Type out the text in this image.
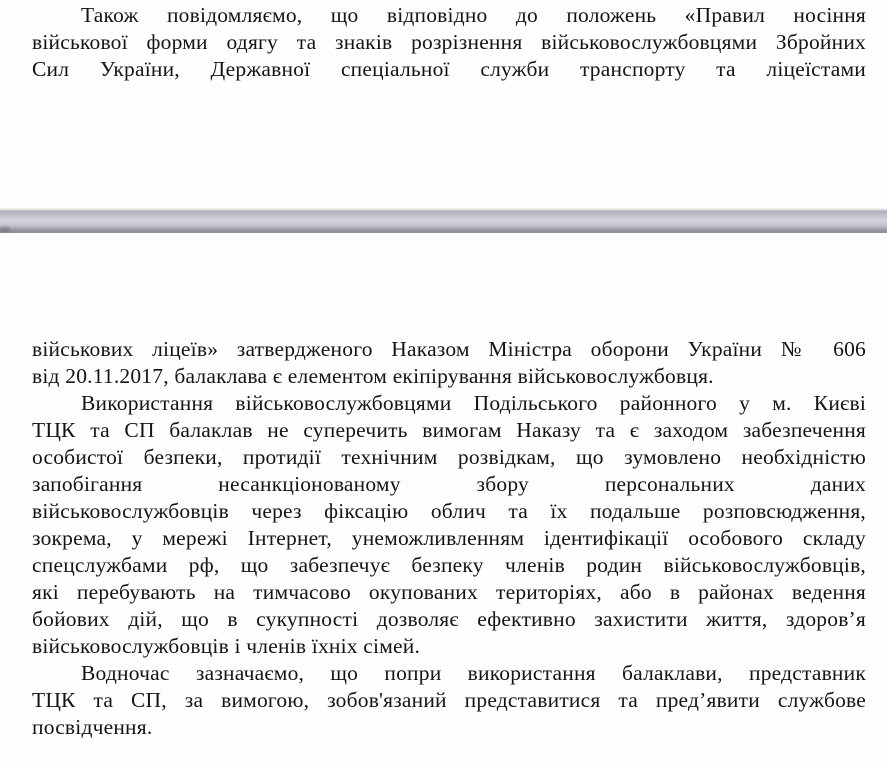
Також повідомляємо, що відповідно до положень «Правил носіння
військової форми одягу та знаків розрізнення військовослужбовцями Збройних
Сил України, Державної спеціальної служби транспорту та ліцеїстами
військових ліцеїв» затвердженого Наказом Міністра оборони України № 606
від 20.11.2017, балаклава є елементом екіпірування військовослужбовця.
Використання військовослужбовцями Подільського районного у м. Києві
ТЦК та СП балаклав не суперечить вимогам Наказу та є заходом забезпечення
особистої безпеки, протидії технічним розвідкам, що зумовлено необхідністю
запобігання несанкціонованому збору персональних даних
військовослужбовців через фіксацію облич та їх подальше розповсюдження,
зокрема, у мережі Інтернет, унеможливленням ідентифікації особового складу
спецслужбами рф, що забезпечує безпеку членів родин військовослужбовців,
які перебувають на тимчасово окупованих територіях, або в районах ведення
бойових дій, що в сукупності дозволяє ефективно захистити життя, здоров’я
військовослужбовців і членів їхніх сімей.
Водночас зазначаємо, що попри використання балаклави, представник
ТЦК та СП, за вимогою, зобов'язаний представитися та пред’явити службове
посвідчення.
